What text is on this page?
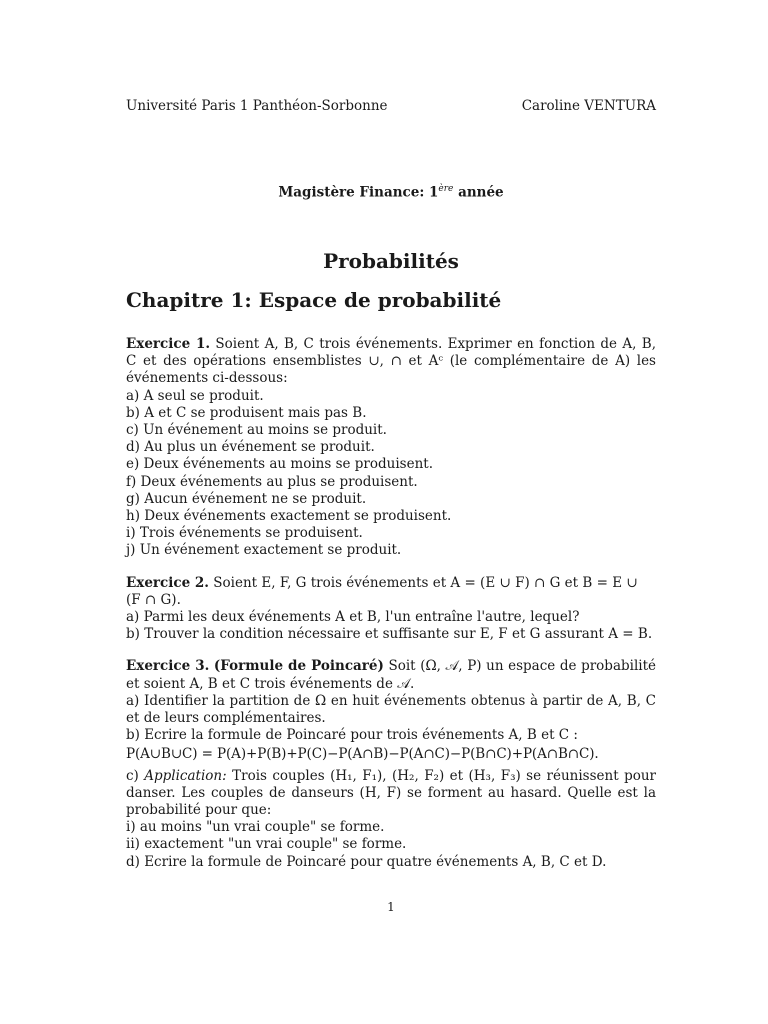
Université Paris 1 Panthéon-Sorbonne	Caroline VENTURA
Magistère Finance: 1ère année
Probabilités
Chapitre 1: Espace de probabilité
Exercice 1. Soient A, B, C trois événements. Exprimer en fonction de A, B, C et des opérations ensemblistes ∪, ∩ et Aᶜ (le complémentaire de A) les événements ci-dessous:
a) A seul se produit.
b) A et C se produisent mais pas B.
c) Un événement au moins se produit.
d) Au plus un événement se produit.
e) Deux événements au moins se produisent.
f) Deux événements au plus se produisent.
g) Aucun événement ne se produit.
h) Deux événements exactement se produisent.
i) Trois événements se produisent.
j) Un événement exactement se produit.
Exercice 2. Soient E, F, G trois événements et A = (E ∪ F) ∩ G et B = E ∪ (F ∩ G).
a) Parmi les deux événements A et B, l'un entraîne l'autre, lequel?
b) Trouver la condition nécessaire et suffisante sur E, F et G assurant A = B.
Exercice 3. (Formule de Poincaré) Soit (Ω, 𝒜, P) un espace de probabilité et soient A, B et C trois événements de 𝒜.
a) Identifier la partition de Ω en huit événements obtenus à partir de A, B, C et de leurs complémentaires.
b) Ecrire la formule de Poincaré pour trois événements A, B et C :
P(A∪B∪C) = P(A)+P(B)+P(C)−P(A∩B)−P(A∩C)−P(B∩C)+P(A∩B∩C).
c) Application: Trois couples (H₁, F₁), (H₂, F₂) et (H₃, F₃) se réunissent pour danser. Les couples de danseurs (H, F) se forment au hasard. Quelle est la probabilité pour que:
i) au moins "un vrai couple" se forme.
ii) exactement "un vrai couple" se forme.
d) Ecrire la formule de Poincaré pour quatre événements A, B, C et D.
1
